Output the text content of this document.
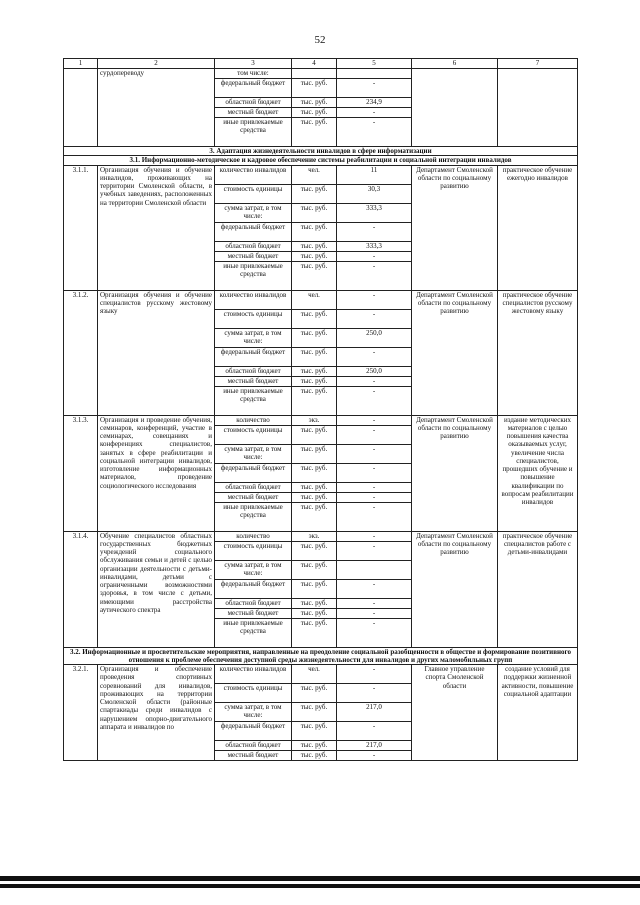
52
1	2	3	4	5	6	7
	сурдопереводу	том числе:				
		федеральный бюджет	тыс. руб.	-		
		областной бюджет	тыс. руб.	234,9		
		местный бюджет	тыс. руб.	-		
		иные привлекаемые средства	тыс. руб.	-		
3. Адаптация жизнедеятельности инвалидов в сфере информатизации						
3.1. Информационно-методическое и кадровое обеспечение системы реабилитации и социальной интеграции инвалидов						
3.1.1.	Организация обучения и обучение инвалидов, проживающих на территории Смоленской области, в учебных заведениях, расположенных на территории Смоленской области	количество инвалидов	чел.	11	Департамент Смоленской области по социальному развитию	практическое обучение ежегодно инвалидов
		стоимость единицы	тыс. руб.	30,3		
		сумма затрат, в том числе:	тыс. руб.	333,3		
		федеральный бюджет	тыс. руб.	-		
		областной бюджет	тыс. руб.	333,3		
		местный бюджет	тыс. руб.	-		
		иные привлекаемые средства	тыс. руб.	-		
3.1.2.	Организация обучения и обучение специалистов русскому жестовому языку	количество инвалидов	чел.	-	Департамент Смоленской области по социальному развитию	практическое обучение специалистов русскому жестовому языку
		стоимость единицы	тыс. руб.	-		
		сумма затрат, в том числе:	тыс. руб.	250,0		
		федеральный бюджет	тыс. руб.	-		
		областной бюджет	тыс. руб.	250,0		
		местный бюджет	тыс. руб.	-		
		иные привлекаемые средства	тыс. руб.	-		
3.1.3.	Организация и проведение обучения, семинаров, конференций, участие в семинарах, совещаниях и конференциях специалистов, занятых в сфере реабилитации и социальной интеграции инвалидов, изготовление информационных материалов, проведение социологического исследования	количество	экз.	-	Департамент Смоленской области по социальному развитию	издание методических материалов с целью повышения качества оказываемых услуг, увеличение числа специалистов, прошедших обучение и повышение квалификации по вопросам реабилитации инвалидов
		стоимость единицы	тыс. руб.	-		
		сумма затрат, в том числе:	тыс. руб.	-		
		федеральный бюджет	тыс. руб.	-		
		областной бюджет	тыс. руб.	-		
		местный бюджет	тыс. руб.	-		
		иные привлекаемые средства	тыс. руб.	-		
3.1.4.	Обучение специалистов областных государственных бюджетных учреждений социального обслуживания семьи и детей с целью организации деятельности с детьми-инвалидами, детьми с ограниченными возможностями здоровья, в том числе с детьми, имеющими расстройства аутического спектра	количество	экз.	-	Департамент Смоленской области по социальному развитию	практическое обучение специалистов работе с детьми-инвалидами
		стоимость единицы	тыс. руб.	-		
		сумма затрат, в том числе:	тыс. руб.			
		федеральный бюджет	тыс. руб.	-		
		областной бюджет	тыс. руб.	-		
		местный бюджет	тыс. руб.	-		
		иные привлекаемые средства	тыс. руб.	-		
3.2. Информационные и просветительские мероприятия, направленные на преодоление социальной разобщенности в обществе и формирование позитивного отношения к проблеме обеспечения доступной среды жизнедеятельности для инвалидов и других маломобильных групп						
3.2.1.	Организация и обеспечение проведения спортивных соревнований для инвалидов, проживающих на территории Смоленской области (районные спартакиады среди инвалидов с нарушением опорно-двигательного аппарата и инвалидов по	количество инвалидов	чел.	-	Главное управление спорта Смоленской области	создание условий для поддержки жизненной активности, повышение социальной адаптации
		стоимость единицы	тыс. руб.	-		
		сумма затрат, в том числе:	тыс. руб.	217,0		
		федеральный бюджет	тыс. руб.	-		
		областной бюджет	тыс. руб.	217,0		
		местный бюджет	тыс. руб.	-		
